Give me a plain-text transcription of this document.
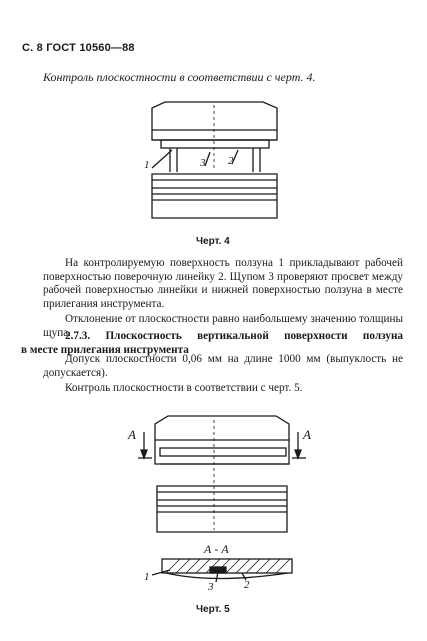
С. 8 ГОСТ 10560—88

Контроль плоскостности в соответствии с черт. 4.

1	3 2
Черт. 4

На контролируемую поверхность ползуна 1 прикладывают рабочей поверхностью поверочную линейку 2. Щупом 3 проверяют просвет между рабочей поверхностью линейки и нижней поверхностью ползуна в месте прилегания инструмента.

Отклонение от плоскостности равно наибольшему значению толщины щупа.

2.7.3. Плоскостность вертикальной поверхности ползуна
в месте прилегания инструмента

Допуск плоскостности 0,06 мм на длине 1000 мм (выпуклость не допускается).

Контроль плоскостности в соответствии с черт. 5.

А	А
А - А
1
3	2
Черт. 5
